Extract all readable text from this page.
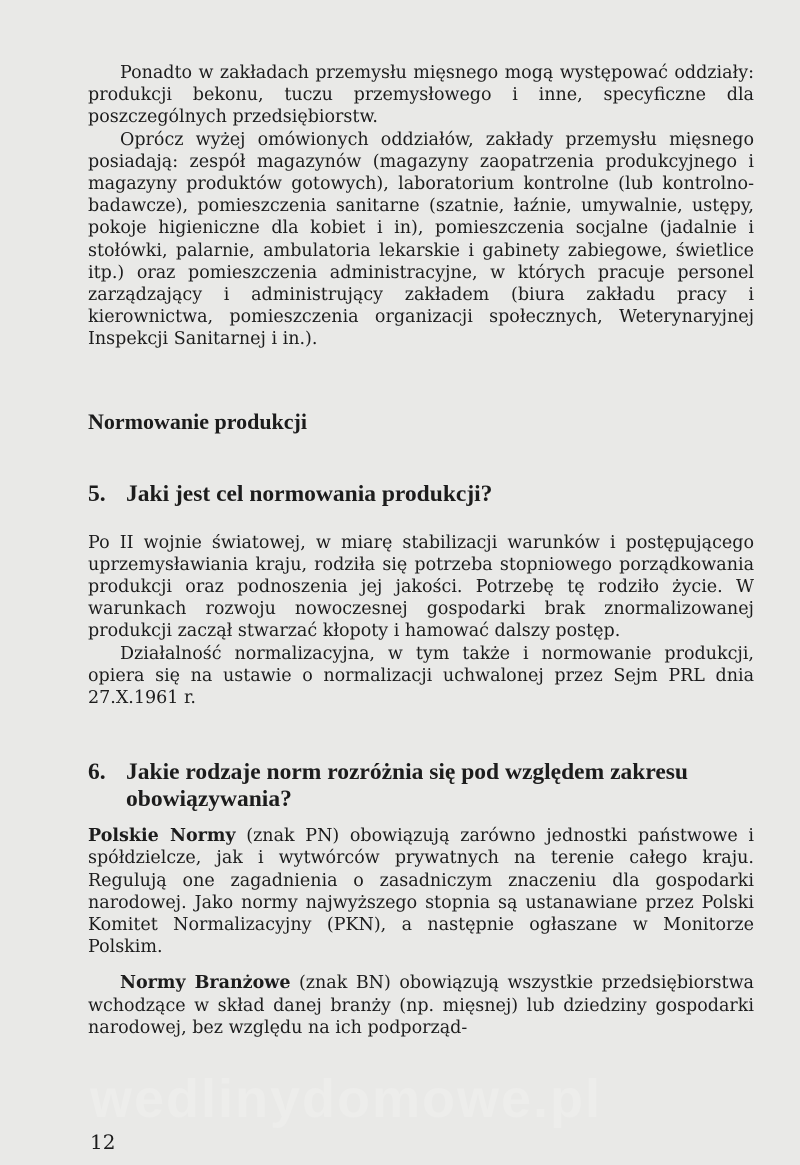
Ponadto w zakładach przemysłu mięsnego mogą występować oddziały: produkcji bekonu, tuczu przemysłowego i inne, specyficzne dla poszczególnych przedsiębiorstw.

Oprócz wyżej omówionych oddziałów, zakłady przemysłu mięsnego posiadają: zespół magazynów (magazyny zaopatrzenia produkcyjnego i magazyny produktów gotowych), laboratorium kontrolne (lub kontrolno-badawcze), pomieszczenia sanitarne (szatnie, łaźnie, umywalnie, ustępy, pokoje higieniczne dla kobiet i in), pomieszczenia socjalne (jadalnie i stołówki, palarnie, ambulatoria lekarskie i gabinety zabiegowe, świetlice itp.) oraz pomieszczenia administracyjne, w których pracuje personel zarządzający i administrujący zakładem (biura zakładu pracy i kierownictwa, pomieszczenia organizacji społecznych, Weterynaryjnej Inspekcji Sanitarnej i in.).

Normowanie produkcji
5. Jaki jest cel normowania produkcji?

Po II wojnie światowej, w miarę stabilizacji warunków i postępującego uprzemysławiania kraju, rodziła się potrzeba stopniowego porządkowania produkcji oraz podnoszenia jej jakości. Potrzebę tę rodziło życie. W warunkach rozwoju nowoczesnej gospodarki brak znormalizowanej produkcji zaczął stwarzać kłopoty i hamować dalszy postęp.

Działalność normalizacyjna, w tym także i normowanie produkcji, opiera się na ustawie o normalizacji uchwalonej przez Sejm PRL dnia 27.X.1961 r.

6. Jakie rodzaje norm rozróżnia się pod względem zakresu obowiązywania?

Polskie Normy (znak PN) obowiązują zarówno jednostki państwowe i spółdzielcze, jak i wytwórców prywatnych na terenie całego kraju. Regulują one zagadnienia o zasadniczym znaczeniu dla gospodarki narodowej. Jako normy najwyższego stopnia są ustanawiane przez Polski Komitet Normalizacyjny (PKN), a następnie ogłaszane w Monitorze Polskim.

Normy Branżowe (znak BN) obowiązują wszystkie przedsiębiorstwa wchodzące w skład danej branży (np. mięsnej) lub dziedziny gospodarki narodowej, bez względu na ich podporząd-

wedlinydomowe.pl
12
